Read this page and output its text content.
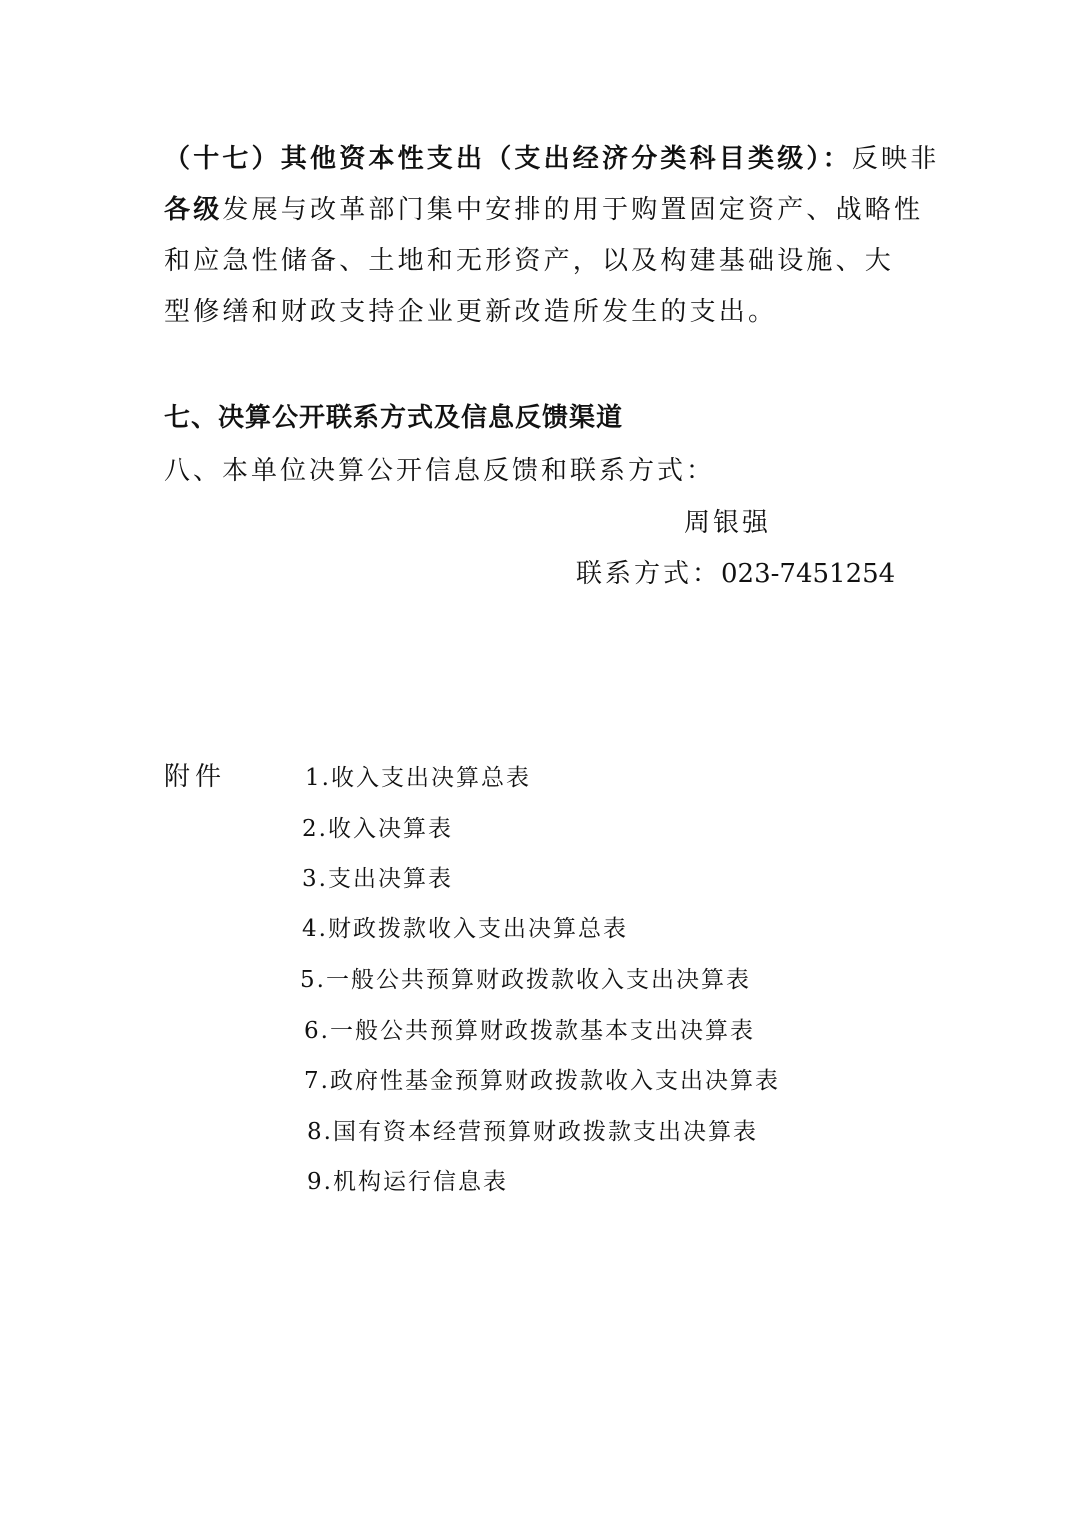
（十七）其他资本性支出（支出经济分类科目类级）：反映非
各级发展与改革部门集中安排的用于购置固定资产、战略性
和应急性储备、土地和无形资产，以及构建基础设施、大
型修缮和财政支持企业更新改造所发生的支出。
七、决算公开联系方式及信息反馈渠道
八、本单位决算公开信息反馈和联系方式：
周银强
联系方式：023-7451254
附件	1.收入支出决算总表
2.收入决算表
3.支出决算表
4.财政拨款收入支出决算总表
5.一般公共预算财政拨款收入支出决算表
6.一般公共预算财政拨款基本支出决算表
7.政府性基金预算财政拨款收入支出决算表
8.国有资本经营预算财政拨款支出决算表
9.机构运行信息表
